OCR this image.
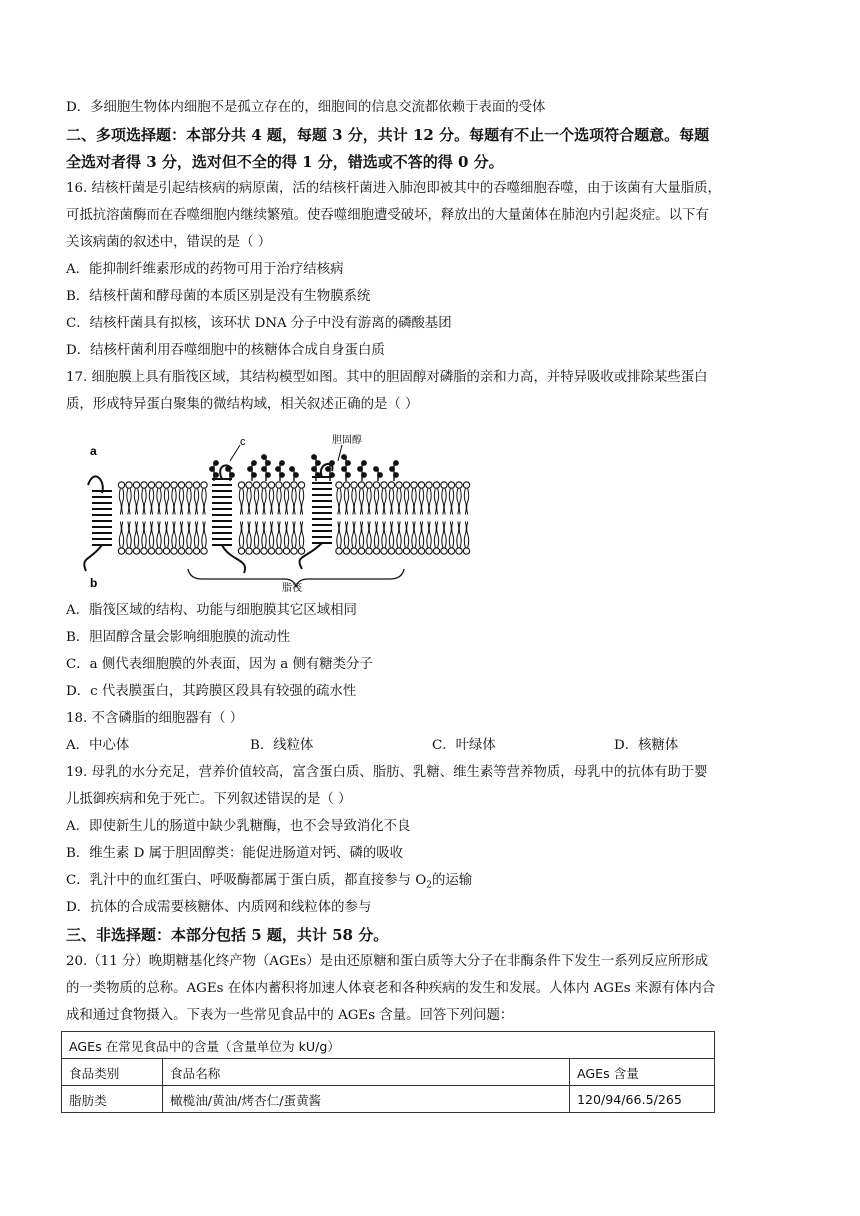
D．多细胞生物体内细胞不是孤立存在的，细胞间的信息交流都依赖于表面的受体
二、多项选择题：本部分共 4 题，每题 3 分，共计 12 分。每题有不止一个选项符合题意。每题
全选对者得 3 分，选对但不全的得 1 分，错选或不答的得 0 分。
16. 结核杆菌是引起结核病的病原菌，活的结核杆菌进入肺泡即被其中的吞噬细胞吞噬，由于该菌有大量脂质，
可抵抗溶菌酶而在吞噬细胞内继续繁殖。使吞噬细胞遭受破坏，释放出的大量菌体在肺泡内引起炎症。以下有
关该病菌的叙述中，错误的是（ ）
A．能抑制纤维素形成的药物可用于治疗结核病
B．结核杆菌和酵母菌的本质区别是没有生物膜系统
C．结核杆菌具有拟核，该环状 DNA 分子中没有游离的磷酸基团
D．结核杆菌利用吞噬细胞中的核糖体合成自身蛋白质
17. 细胞膜上具有脂筏区域，其结构模型如图。其中的胆固醇对磷脂的亲和力高，并特异吸收或排除某些蛋白
质，形成特异蛋白聚集的微结构域，相关叙述正确的是（ ）
a
b
c	胆固醇
脂筏
A．脂筏区域的结构、功能与细胞膜其它区域相同
B．胆固醇含量会影响细胞膜的流动性
C．a 侧代表细胞膜的外表面，因为 a 侧有糖类分子
D．c 代表膜蛋白，其跨膜区段具有较强的疏水性
18. 不含磷脂的细胞器有（ ）
A．中心体	B．线粒体	C．叶绿体	D．核糖体
19. 母乳的水分充足，营养价值较高，富含蛋白质、脂肪、乳糖、维生素等营养物质，母乳中的抗体有助于婴
儿抵御疾病和免于死亡。下列叙述错误的是（ ）
A．即使新生儿的肠道中缺少乳糖酶，也不会导致消化不良
B．维生素 D 属于胆固醇类：能促进肠道对钙、磷的吸收
C．乳汁中的血红蛋白、呼吸酶都属于蛋白质，都直接参与 $O_2$的运输
D．抗体的合成需要核糖体、内质网和线粒体的参与
三、非选择题：本部分包括 5 题，共计 58 分。
20.（11 分）晚期糖基化终产物（AGEs）是由还原糖和蛋白质等大分子在非酶条件下发生一系列反应所形成
的一类物质的总称。AGEs 在体内蓄积将加速人体衰老和各种疾病的发生和发展。人体内 AGEs 来源有体内合
成和通过食物摄入。下表为一些常见食品中的 AGEs 含量。回答下列问题：
AGEs 在常见食品中的含量（含量单位为 kU/g）		
食品类别	食品名称	AGEs 含量
脂肪类	橄榄油/黄油/烤杏仁/蛋黄酱	120/94/66.5/265
